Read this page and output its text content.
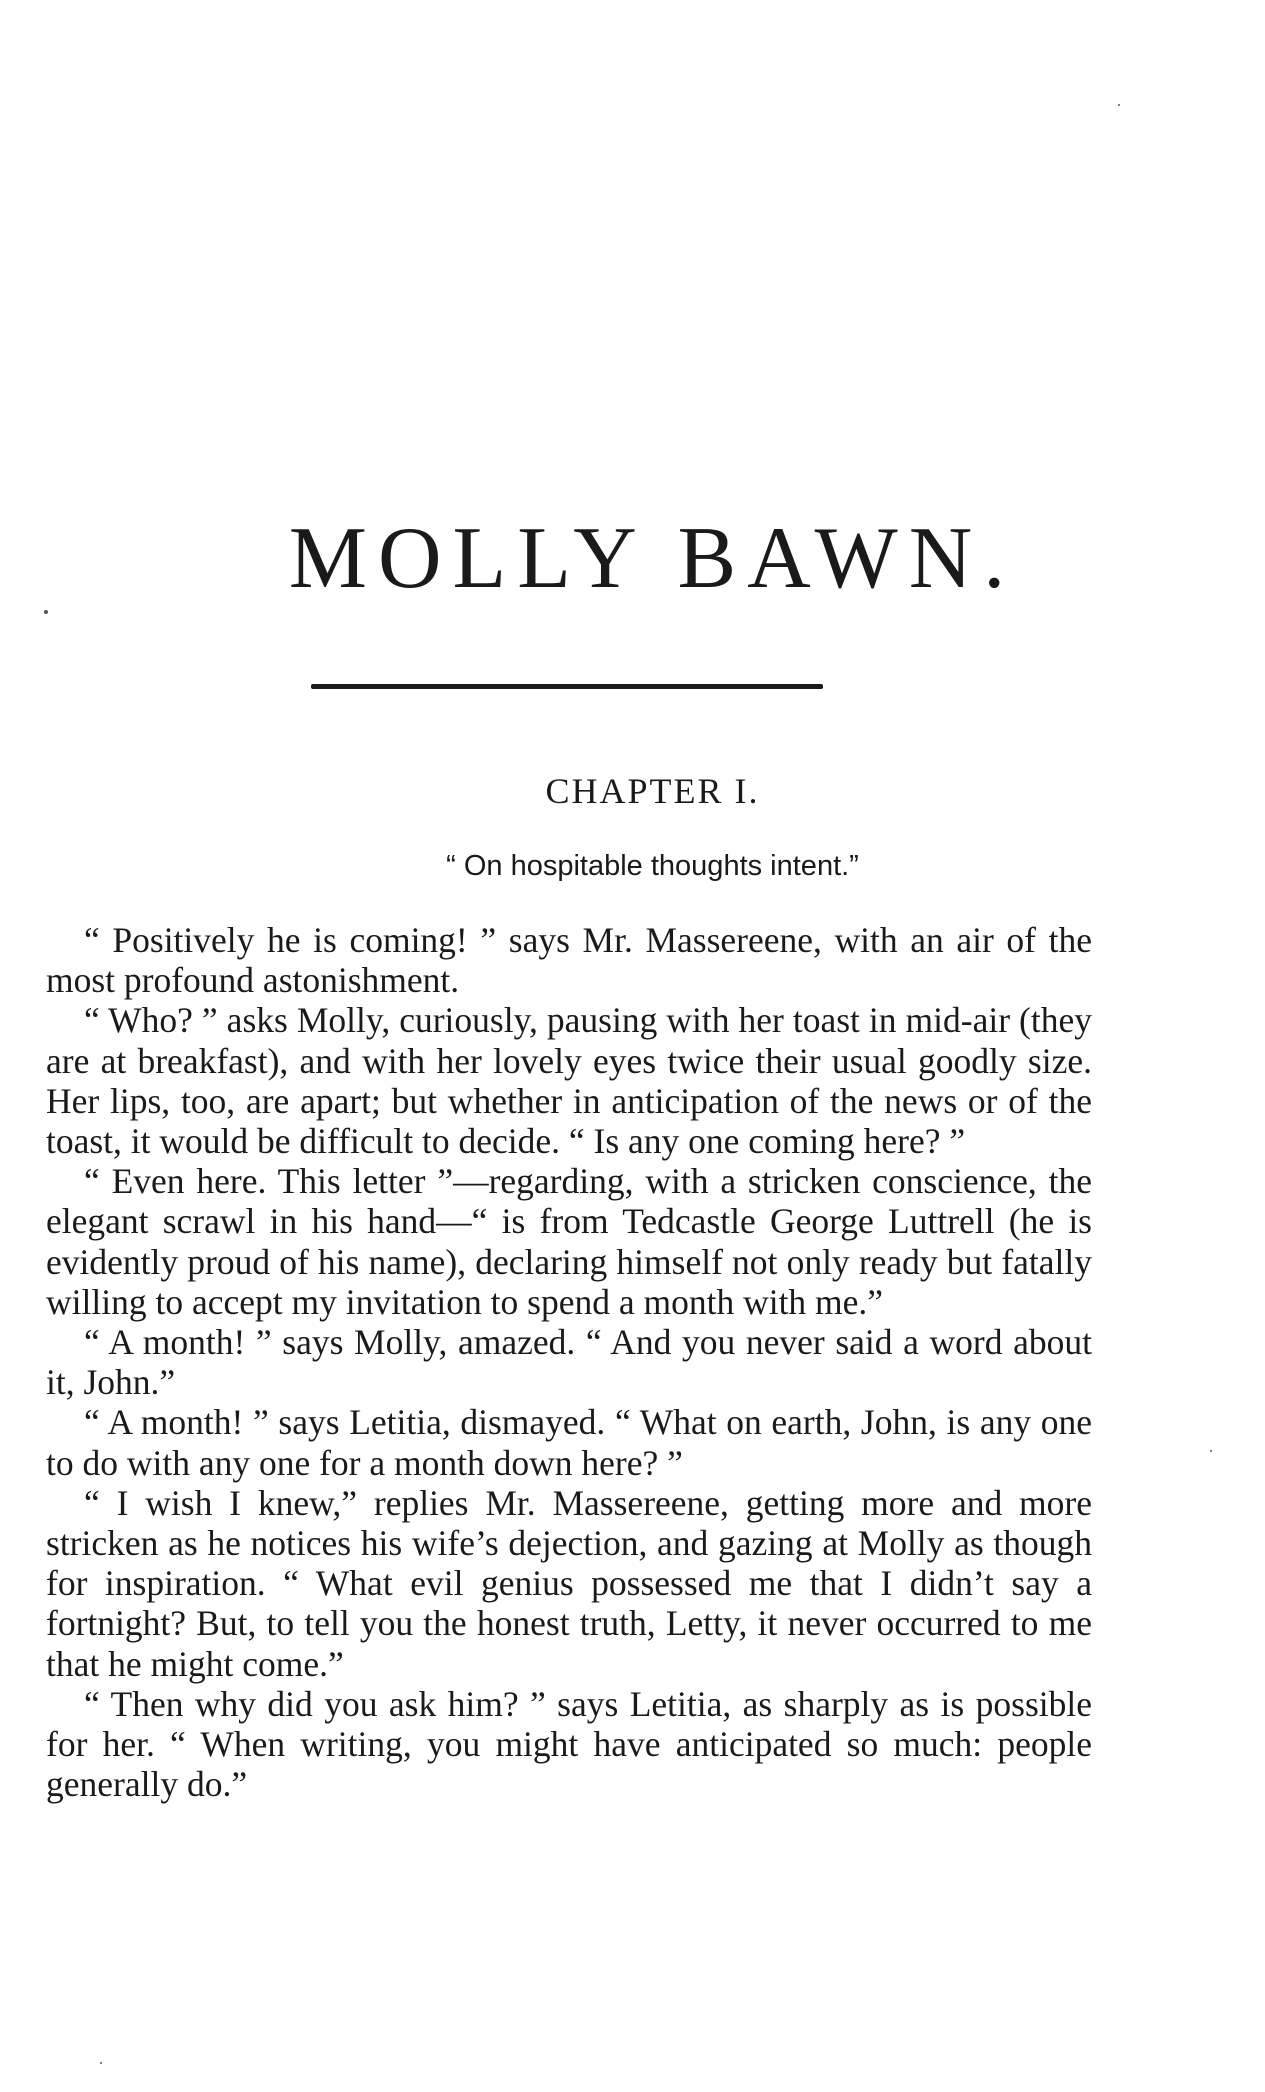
MOLLY BAWN.
CHAPTER I.
“ On hospitable thoughts intent.”

“ Positively he is coming! ” says Mr. Massereene, with an air of the most profound astonishment.

“ Who? ” asks Molly, curiously, pausing with her toast in mid-air (they are at breakfast), and with her lovely eyes twice their usual goodly size. Her lips, too, are apart; but whether in anticipation of the news or of the toast, it would be difficult to decide. “ Is any one coming here? ”

“ Even here. This letter ”—regarding, with a stricken conscience, the elegant scrawl in his hand—“ is from Tedcastle George Luttrell (he is evidently proud of his name), declaring himself not only ready but fatally willing to accept my invitation to spend a month with me.”

“ A month! ” says Molly, amazed. “ And you never said a word about it, John.”

“ A month! ” says Letitia, dismayed. “ What on earth, John, is any one to do with any one for a month down here? ”

“ I wish I knew,” replies Mr. Massereene, getting more and more stricken as he notices his wife’s dejection, and gazing at Molly as though for inspiration. “ What evil genius possessed me that I didn’t say a fortnight? But, to tell you the honest truth, Letty, it never occurred to me that he might come.”

“ Then why did you ask him? ” says Letitia, as sharply as is possible for her. “ When writing, you might have anticipated so much: people generally do.”
